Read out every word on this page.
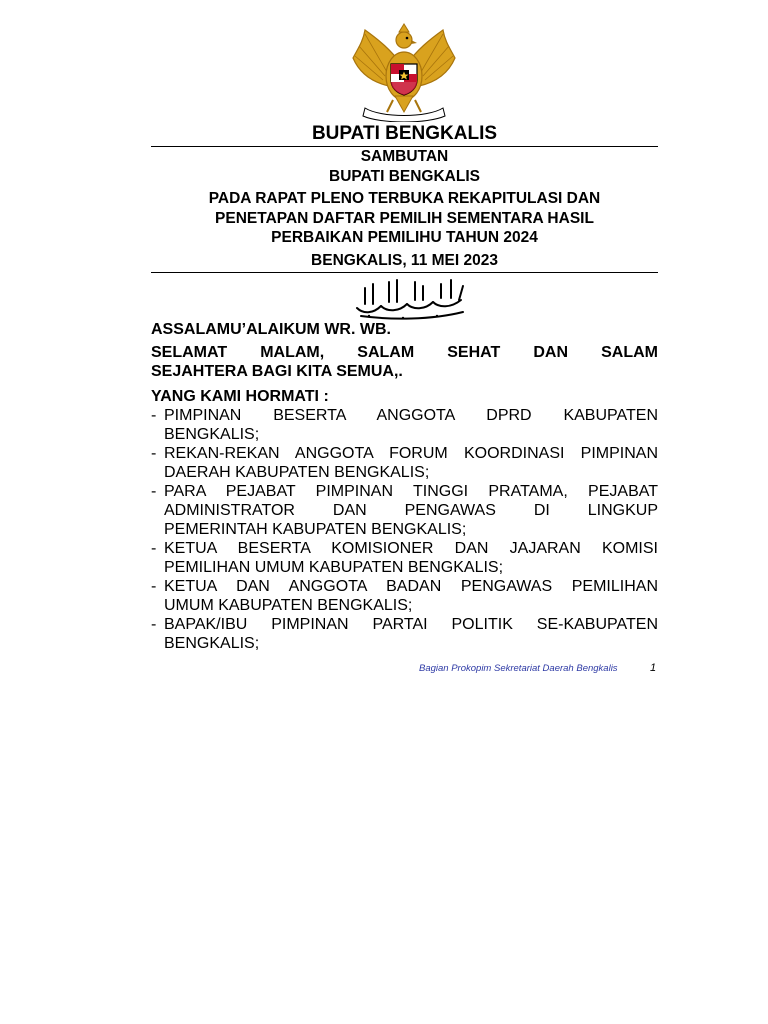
BUPATI BENGKALIS
SAMBUTAN
BUPATI BENGKALIS
PADA RAPAT PLENO TERBUKA REKAPITULASI DAN
PENETAPAN DAFTAR PEMILIH SEMENTARA HASIL
PERBAIKAN PEMILIHU TAHUN 2024
BENGKALIS, 11 MEI 2023
ASSALAMU’ALAIKUM WR. WB.
SELAMAT MALAM, SALAM SEHAT DAN SALAM
SEJAHTERA BAGI KITA SEMUA,.
YANG KAMI HORMATI :
- PIMPINAN BESERTA ANGGOTA DPRD KABUPATEN
BENGKALIS;
- REKAN-REKAN ANGGOTA FORUM KOORDINASI PIMPINAN
DAERAH KABUPATEN BENGKALIS;
- PARA PEJABAT PIMPINAN TINGGI PRATAMA, PEJABAT
ADMINISTRATOR DAN PENGAWAS DI LINGKUP
PEMERINTAH KABUPATEN BENGKALIS;
- KETUA BESERTA KOMISIONER DAN JAJARAN KOMISI
PEMILIHAN UMUM KABUPATEN BENGKALIS;
- KETUA DAN ANGGOTA BADAN PENGAWAS PEMILIHAN
UMUM KABUPATEN BENGKALIS;
- BAPAK/IBU PIMPINAN PARTAI POLITIK SE-KABUPATEN
BENGKALIS;
Bagian Prokopim Sekretariat Daerah Bengkalis	1
